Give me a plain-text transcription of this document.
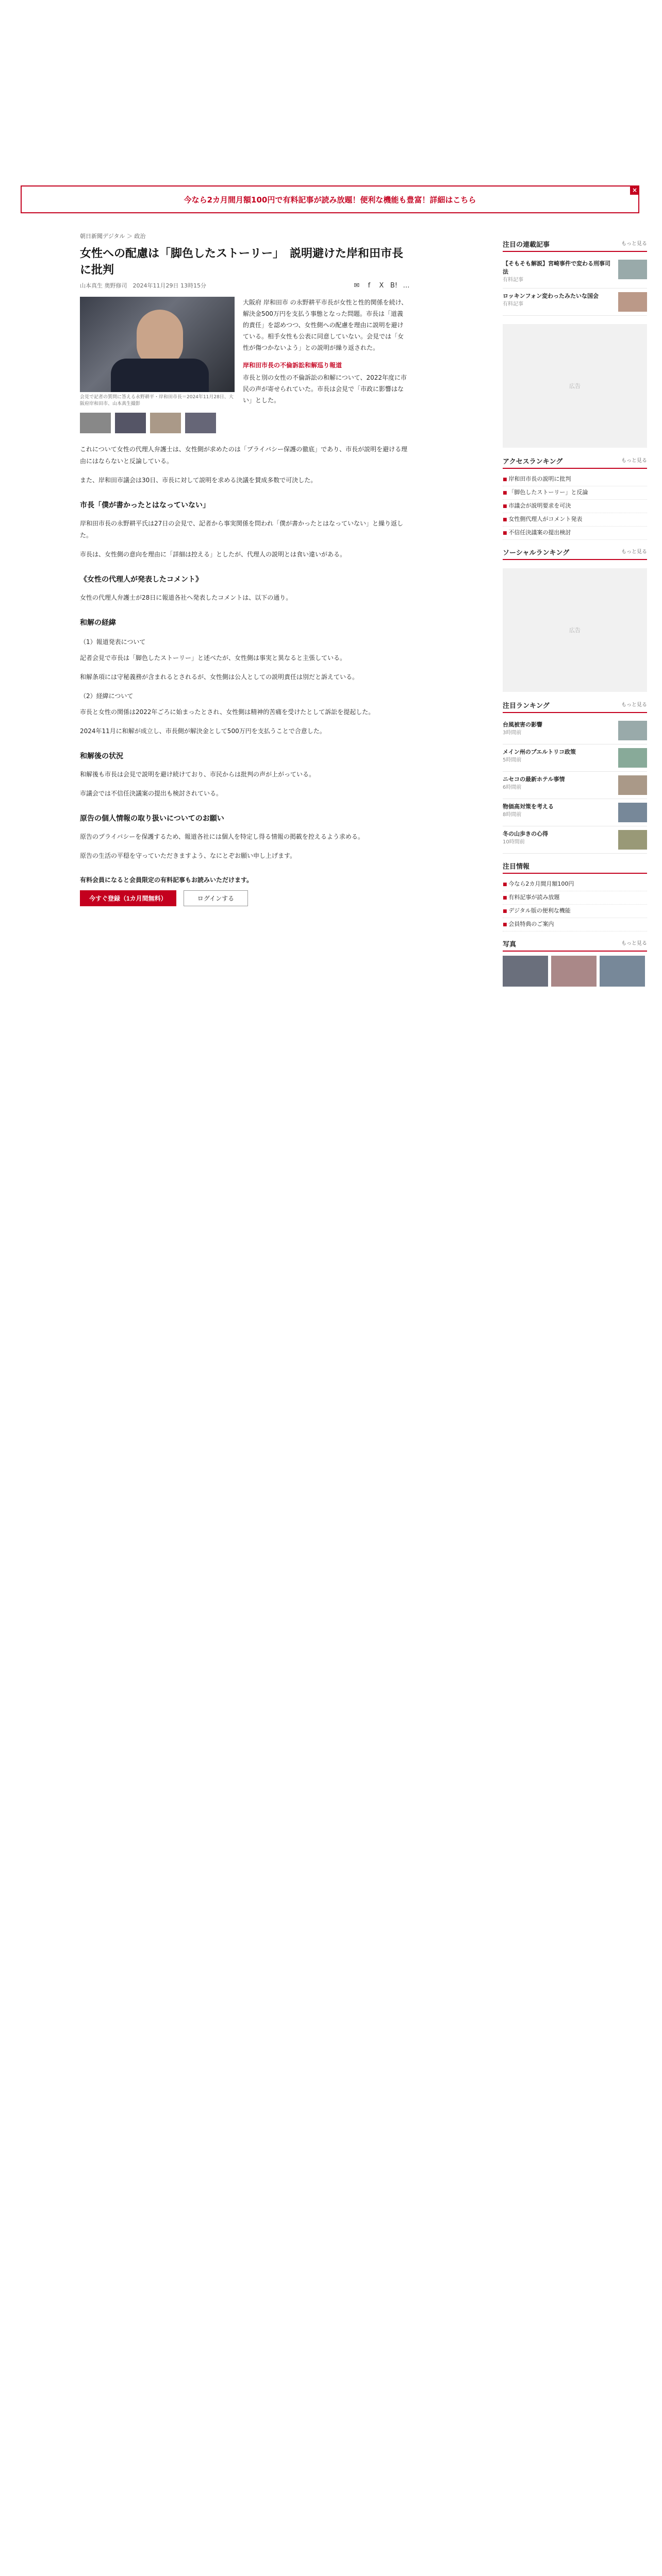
今なら2カ月間月額100円で有料記事が読み放題！便利な機能も豊富！詳細はこちら
×
朝日新聞デジタル ＞ 政治
女性への配慮は「脚色したストーリー」　説明避けた岸和田市長に批判
山本真生 奥野修司　2024年11月29日 13時15分	✉	f	X B! …
会見で記者の質問に答える永野耕平・岸和田市長＝2024年11月28日、大阪府岸和田市、山本真生撮影

大阪府 岸和田市 の永野耕平市長が女性と性的関係を続け、解決金500万円を支払う事態となった問題。市長は「道義的責任」を認めつつ、女性側への配慮を理由に説明を避けている。相手女性も公表に同意していない。会見では「女性が傷つかないよう」との説明が繰り返された。

岸和田市長の不倫訴訟和解巡り報道

市長と別の女性の不倫訴訟の和解について、2022年度に市民の声が寄せられていた。市長は会見で「市政に影響はない」とした。

これについて女性の代理人弁護士は、女性側が求めたのは「プライバシー保護の徹底」であり、市長が説明を避ける理由にはならないと反論している。

また、岸和田市議会は30日、市長に対して説明を求める決議を賛成多数で可決した。

市長「僕が書かったとはなっていない」

岸和田市長の永野耕平氏は27日の会見で、記者から事実関係を問われ「僕が書かったとはなっていない」と繰り返した。

市長は、女性側の意向を理由に「詳細は控える」としたが、代理人の説明とは食い違いがある。

《女性の代理人が発表したコメント》

女性の代理人弁護士が28日に報道各社へ発表したコメントは、以下の通り。

和解の経緯
（1）報道発表について

記者会見で市長は「脚色したストーリー」と述べたが、女性側は事実と異なると主張している。

和解条項には守秘義務が含まれるとされるが、女性側は公人としての説明責任は別だと訴えている。

（2）経緯について

市長と女性の関係は2022年ごろに始まったとされ、女性側は精神的苦痛を受けたとして訴訟を提起した。

2024年11月に和解が成立し、市長側が解決金として500万円を支払うことで合意した。

和解後の状況

和解後も市長は会見で説明を避け続けており、市民からは批判の声が上がっている。

市議会では不信任決議案の提出も検討されている。

原告の個人情報の取り扱いについてのお願い

原告のプライバシーを保護するため、報道各社には個人を特定し得る情報の掲載を控えるよう求める。

原告の生活の平穏を守っていただきますよう、なにとぞお願い申し上げます。

有料会員になると会員限定の有料記事もお読みいただけます。
今すぐ登録（1カ月間無料）	ログインする
注目の連載記事	もっと見る
【そもそも解説】宮崎事件で変わる刑事司法
有料記事
ロッキンフォン変わったみたいな国会
有料記事
広告
アクセスランキング	もっと見る
■ 岸和田市長の説明に批判
■ 「脚色したストーリー」と反論
■ 市議会が説明要求を可決
■ 女性側代理人がコメント発表
■ 不信任決議案の提出検討
ソーシャルランキング	もっと見る
広告
注目ランキング	もっと見る
台風被害の影響
3時間前
メイン州のプエルトリコ政策
5時間前
ニセコの最新ホテル事情
6時間前
物価高対策を考える
8時間前
冬の山歩きの心得
10時間前
注目情報
■ 今なら2カ月間月額100円
■ 有料記事が読み放題
■ デジタル版の便利な機能
■ 会員特典のご案内
写真	もっと見る
